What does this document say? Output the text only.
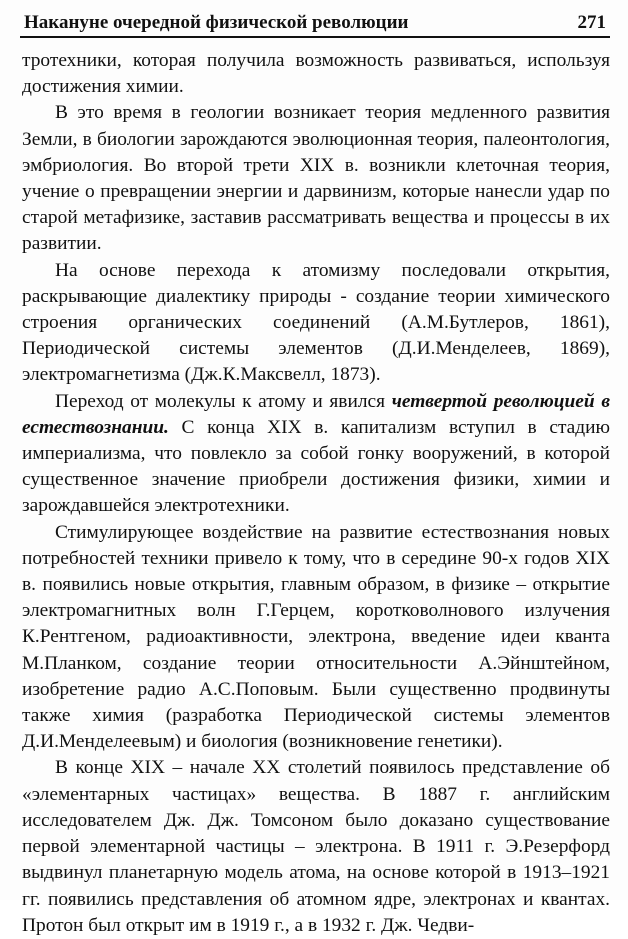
Накануне очередной физической революции	271

тротехники, которая получила возможность развиваться, используя достижения химии.

В это время в геологии возникает теория медленного развития Земли, в биологии зарождаются эволюционная теория, палеонтология, эмбриология. Во второй трети XIX в. возникли клеточная теория, учение о превращении энергии и дарвинизм, которые нанесли удар по старой метафизике, заставив рассматривать вещества и процессы в их развитии.

На основе перехода к атомизму последовали открытия, раскрывающие диалектику природы - создание теории химического строения органических соединений (А.М.Бутлеров, 1861), Периодической системы элементов (Д.И.Менделеев, 1869), электромагнетизма (Дж.К.Максвелл, 1873).

Переход от молекулы к атому и явился четвертой революцией в естествознании. С конца XIX в. капитализм вступил в стадию империализма, что повлекло за собой гонку вооружений, в которой существенное значение приобрели достижения физики, химии и зарождавшейся электротехники.

Стимулирующее воздействие на развитие естествознания новых потребностей техники привело к тому, что в середине 90-х годов XIX в. появились новые открытия, главным образом, в физике – открытие электромагнитных волн Г.Герцем, коротковолнового излучения К.Рентгеном, радиоактивности, электрона, введение идеи кванта М.Планком, создание теории относительности А.Эйнштейном, изобретение радио А.С.Поповым. Были существенно продвинуты также химия (разработка Периодической системы элементов Д.И.Менделеевым) и биология (возникновение генетики).

В конце XIX – начале XX столетий появилось представление об «элементарных частицах» вещества. В 1887 г. английским исследователем Дж. Дж. Томсоном было доказано существование первой элементарной частицы – электрона. В 1911 г. Э.Резерфорд выдвинул планетарную модель атома, на основе которой в 1913–1921 гг. появились представления об атомном ядре, электронах и квантах. Протон был открыт им в 1919 г., а в 1932 г. Дж. Чедви-
